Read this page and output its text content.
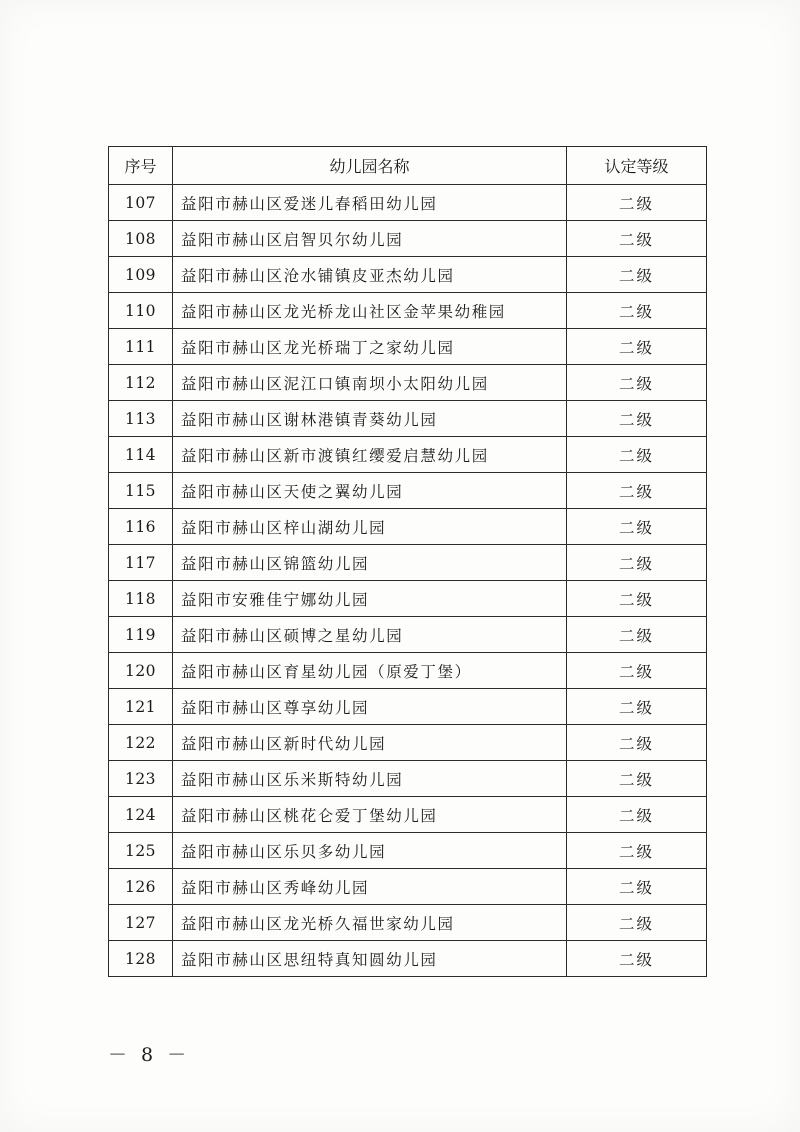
序号	幼儿园名称	认定等级
107	益阳市赫山区爱迷儿春稻田幼儿园	二级
108	益阳市赫山区启智贝尔幼儿园	二级
109	益阳市赫山区沧水铺镇皮亚杰幼儿园	二级
110	益阳市赫山区龙光桥龙山社区金苹果幼稚园	二级
111	益阳市赫山区龙光桥瑞丁之家幼儿园	二级
112	益阳市赫山区泥江口镇南坝小太阳幼儿园	二级
113	益阳市赫山区谢林港镇青葵幼儿园	二级
114	益阳市赫山区新市渡镇红缨爱启慧幼儿园	二级
115	益阳市赫山区天使之翼幼儿园	二级
116	益阳市赫山区梓山湖幼儿园	二级
117	益阳市赫山区锦篮幼儿园	二级
118	益阳市安雅佳宁娜幼儿园	二级
119	益阳市赫山区硕博之星幼儿园	二级
120	益阳市赫山区育星幼儿园（原爱丁堡）	二级
121	益阳市赫山区尊享幼儿园	二级
122	益阳市赫山区新时代幼儿园	二级
123	益阳市赫山区乐米斯特幼儿园	二级
124	益阳市赫山区桃花仑爱丁堡幼儿园	二级
125	益阳市赫山区乐贝多幼儿园	二级
126	益阳市赫山区秀峰幼儿园	二级
127	益阳市赫山区龙光桥久福世家幼儿园	二级
128	益阳市赫山区思纽特真知圆幼儿园	二级
－ 8 －
